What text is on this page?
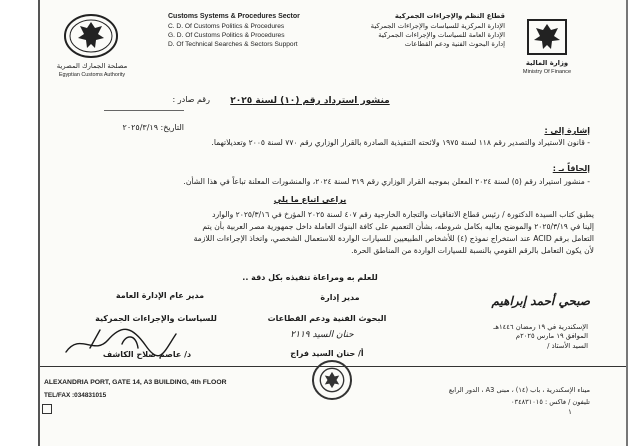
مصلحة الجمارك المصرية
Egyptian Customs Authority
Customs Systems & Procedures Sector
C. D. Of Customs Politics & Procedures
G. D. Of Customs Politics & Procedures
D. Of Technical Searches & Sectors Support
قطاع النظم والإجراءات الجمركية
الإدارة المركزية للسياسات والإجراءات الجمركية
الإدارة العامة للسياسات والإجراءات الجمركية
إدارة البحوث الفنية ودعم القطاعات
وزارة المالية
Ministry Of Finance
رقم صادر :
التاريخ: ٢٠٢٥/٣/١٩
منشور استرداد رقم (١٠) لسنة ٢٠٢٥
إشارة إلى :
- قانون الاستيراد والتصدير رقم ١١٨ لسنة ١٩٧٥ ولائحته التنفيذية الصادرة بالقرار الوزاري رقم ٧٧٠ لسنة ٢٠٠٥ وتعديلاتهما.
إلحاقاً بـ :
- منشور استيراد رقم (٥) لسنة ٢٠٢٤ المعلن بموجبه القرار الوزاري رقم ٣١٩ لسنة ٢٠٢٤، والمنشورات المعلنة تباعاً في هذا الشأن.
يراعى اتباع ما يلي
يطبق كتاب السيدة الدكتورة / رئيس قطاع الاتفاقيات والتجارة الخارجية رقم ٤٠٧ لسنة ٢٠٢٥ المؤرخ في ٢٠٢٥/٣/١٦ والوارد
إلينا في ٢٠٢٥/٣/١٩ والموضح بعاليه بكامل شروطه، بشأن التعميم على كافة البنوك العاملة داخل جمهورية مصر العربية بأن يتم
التعامل برقم ACID عند استخراج نموذج (٤) للأشخاص الطبيعيين للسيارات الواردة للاستعمال الشخصي، واتخاذ الإجراءات اللازمة
لأن يكون التعامل بالرقم القومي بالنسبة للسيارات الواردة من المناطق الحرة.
للعلم به ومراعاة تنفيذه بكل دقة ..
مدير عام الإدارة العامة
للسياسات والإجراءات الجمركية
د/ عاصم صلاح الكاشف
مدير إدارة
البحوث الفنية ودعم القطاعات
حنان السيد ٢١١٩
أ/ حنان السيد فراج
صبحي أحمد إبراهيم
الإسكندرية في ١٩ رمضان ١٤٤٦هـ
الموافق ١٩ مارس ٢٠٢٥م
السيد الأستاذ /
ALEXANDRIA PORT, GATE 14, A3 BUILDING, 4th FLOOR
TEL/FAX :034831015
ميناء الإسكندرية ، باب (١٤) ، مبنى A3 ، الدور الرابع
تليفون / فاكس : ٠٣٤٨٣١٠١٥
١
